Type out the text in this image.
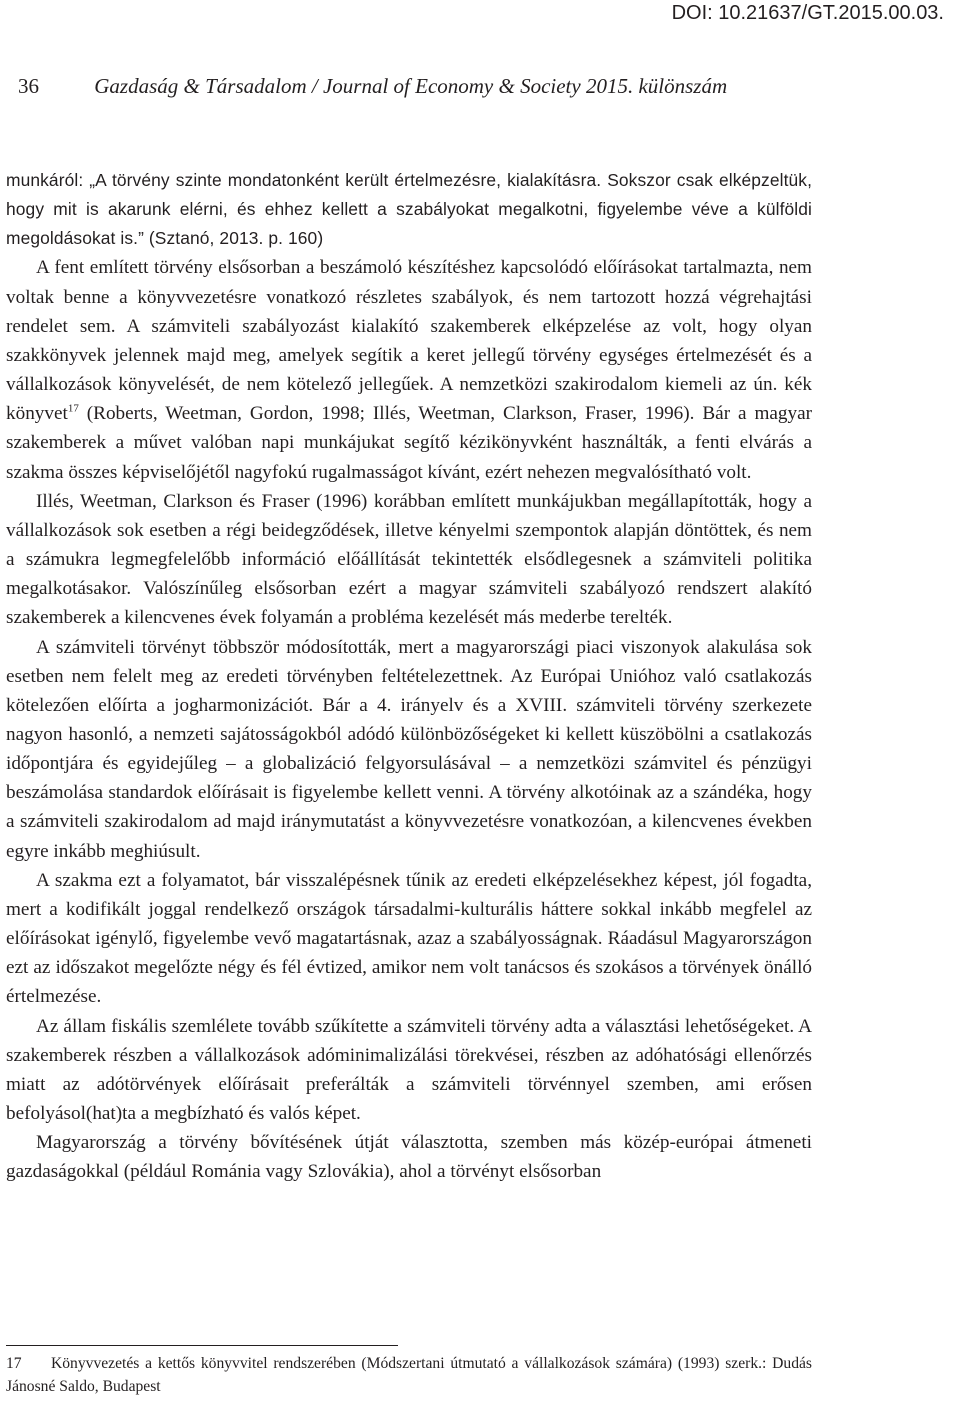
DOI: 10.21637/GT.2015.00.03.
36	Gazdaság & Társadalom / Journal of Economy & Society 2015. különszám

munkáról: „A törvény szinte mondatonként került értelmezésre, kialakításra. Sokszor csak elképzeltük, hogy mit is akarunk elérni, és ehhez kellett a szabályokat megalkotni, figyelembe véve a külföldi megoldásokat is.” (Sztanó, 2013. p. 160)

A fent említett törvény elsősorban a beszámoló készítéshez kapcsolódó előírásokat tartalmazta, nem voltak benne a könyvvezetésre vonatkozó részletes szabályok, és nem tartozott hozzá végrehajtási rendelet sem. A számviteli szabályozást kialakító szakemberek elképzelése az volt, hogy olyan szakkönyvek jelennek majd meg, amelyek segítik a keret jellegű törvény egységes értelmezését és a vállalkozások könyvelését, de nem kötelező jellegűek. A nemzetközi szakirodalom kiemeli az ún. kék könyvet$^{17}$ (Roberts, Weetman, Gordon, 1998; Illés, Weetman, Clarkson, Fraser, 1996). Bár a magyar szakemberek a művet valóban napi munkájukat segítő kézikönyvként használták, a fenti elvárás a szakma összes képviselőjétől nagyfokú rugalmasságot kívánt, ezért nehezen megvalósítható volt.

Illés, Weetman, Clarkson és Fraser (1996) korábban említett munkájukban megállapították, hogy a vállalkozások sok esetben a régi beidegződések, illetve kényelmi szempontok alapján döntöttek, és nem a számukra legmegfelelőbb információ előállítását tekintették elsődlegesnek a számviteli politika megalkotásakor. Valószínűleg elsősorban ezért a magyar számviteli szabályozó rendszert alakító szakemberek a kilencvenes évek folyamán a probléma kezelését más mederbe terelték.

A számviteli törvényt többször módosították, mert a magyarországi piaci viszonyok alakulása sok esetben nem felelt meg az eredeti törvényben feltételezettnek. Az Európai Unióhoz való csatlakozás kötelezően előírta a jogharmonizációt. Bár a 4. irányelv és a XVIII. számviteli törvény szerkezete nagyon hasonló, a nemzeti sajátosságokból adódó különbözőségeket ki kellett küszöbölni a csatlakozás időpontjára és egyidejűleg – a globalizáció felgyorsulásával – a nemzetközi számvitel és pénzügyi beszámolása standardok előírásait is figyelembe kellett venni. A törvény alkotóinak az a szándéka, hogy a számviteli szakirodalom ad majd iránymutatást a könyvvezetésre vonatkozóan, a kilencvenes években egyre inkább meghiúsult.

A szakma ezt a folyamatot, bár visszalépésnek tűnik az eredeti elképzelésekhez képest, jól fogadta, mert a kodifikált joggal rendelkező országok társadalmi-kulturális háttere sokkal inkább megfelel az előírásokat igénylő, figyelembe vevő magatartásnak, azaz a szabályosságnak. Ráadásul Magyarországon ezt az időszakot megelőzte négy és fél évtized, amikor nem volt tanácsos és szokásos a törvények önálló értelmezése.

Az állam fiskális szemlélete tovább szűkítette a számviteli törvény adta a választási lehetőségeket. A szakemberek részben a vállalkozások adóminimalizálási törekvései, részben az adóhatósági ellenőrzés miatt az adótörvények előírásait preferálták a számviteli törvénnyel szemben, ami erősen befolyásol(hat)ta a megbízható és valós képet.

Magyarország a törvény bővítésének útját választotta, szemben más közép-európai átmeneti gazdaságokkal (például Románia vagy Szlovákia), ahol a törvényt elsősorban

17 Könyvvezetés a kettős könyvvitel rendszerében (Módszertani útmutató a vállalkozások számára) (1993) szerk.: Dudás Jánosné Saldo, Budapest
